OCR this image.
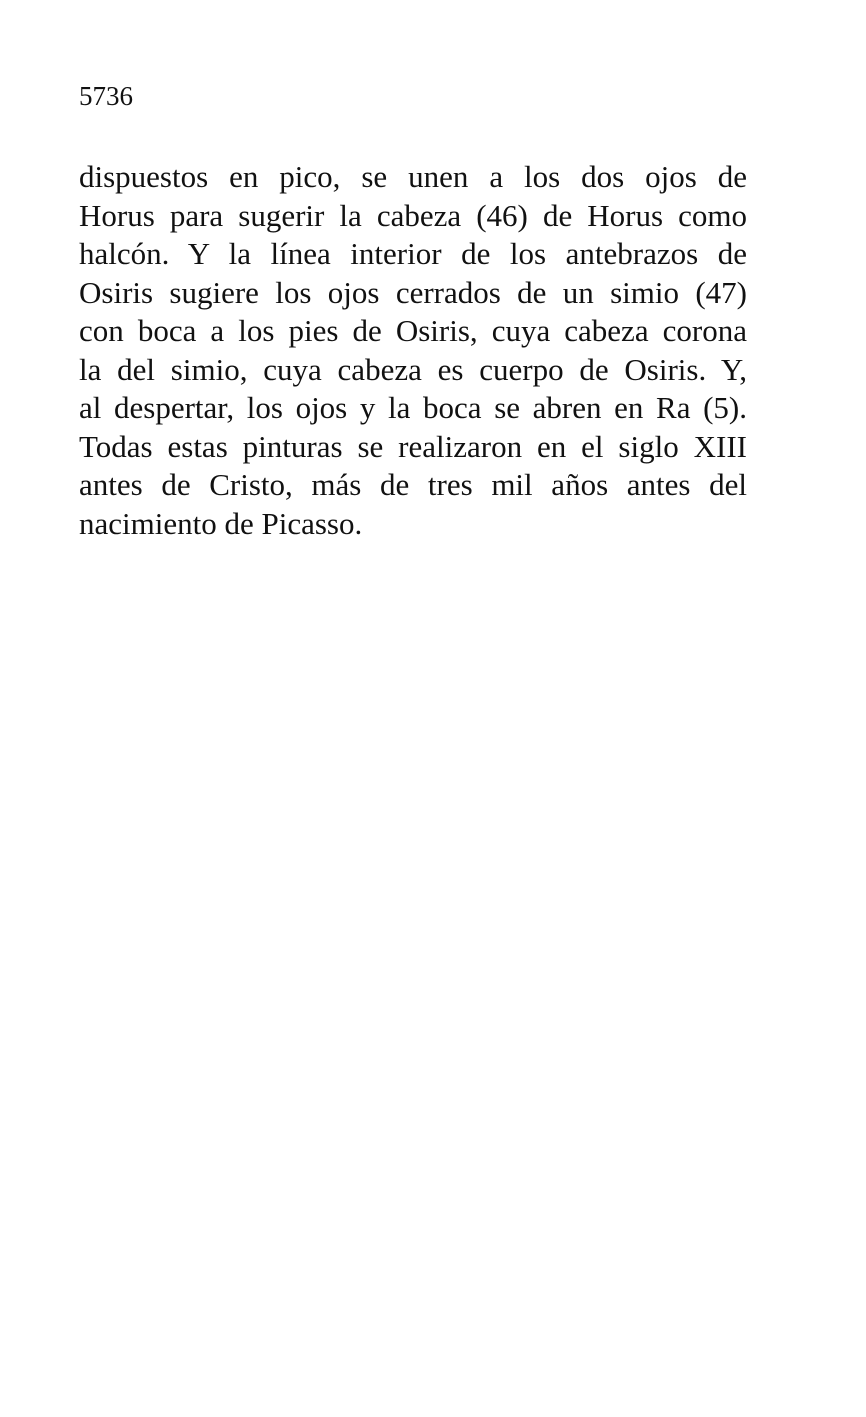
5736

dispuestos en pico, se unen a los dos ojos de
Horus para sugerir la cabeza (46) de Horus como
halcón. Y la línea interior de los antebrazos de
Osiris sugiere los ojos cerrados de un simio (47)
con boca a los pies de Osiris, cuya cabeza corona
la del simio, cuya cabeza es cuerpo de Osiris. Y,
al despertar, los ojos y la boca se abren en Ra (5).
Todas estas pinturas se realizaron en el siglo XIII
antes de Cristo, más de tres mil años antes del
nacimiento de Picasso.
